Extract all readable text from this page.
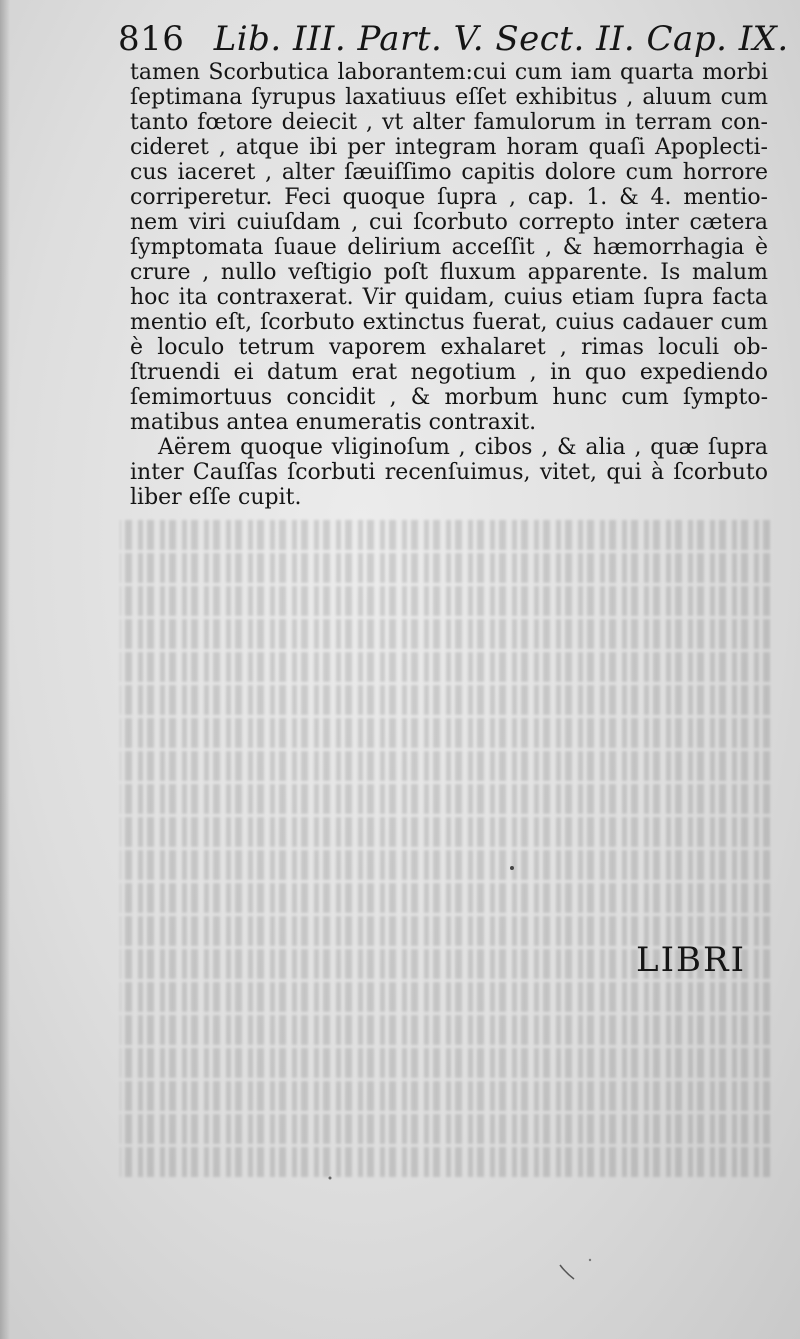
816 Lib. III. Part. V. Sect. II. Cap. IX.
tamen Scorbutica laborantem:cui cum iam quarta morbi
ſeptimana ſyrupus laxatiuus eſſet exhibitus , aluum cum
tanto fœtore deiecit , vt alter famulorum in terram con-
cideret , atque ibi per integram horam quaſi Apoplecti-
cus iaceret , alter ſæuiſſimo capitis dolore cum horrore
corriperetur. Feci quoque ſupra , cap. 1. & 4. mentio-
nem viri cuiuſdam , cui ſcorbuto correpto inter cætera
ſymptomata ſuaue delirium acceſſit , & hæmorrhagia è
crure , nullo veſtigio poſt fluxum apparente. Is malum
hoc ita contraxerat. Vir quidam, cuius etiam ſupra facta
mentio eſt, ſcorbuto extinctus fuerat, cuius cadauer cum
è loculo tetrum vaporem exhalaret , rimas loculi ob-
ſtruendi ei datum erat negotium , in quo expediendo
ſemimortuus concidit , & morbum hunc cum ſympto-
matibus antea enumeratis contraxit.
Aërem quoque vliginoſum , cibos , & alia , quæ ſupra
inter Cauſſas ſcorbuti recenſuimus, vitet, qui à ſcorbuto
liber eſſe cupit.
LIBRI
